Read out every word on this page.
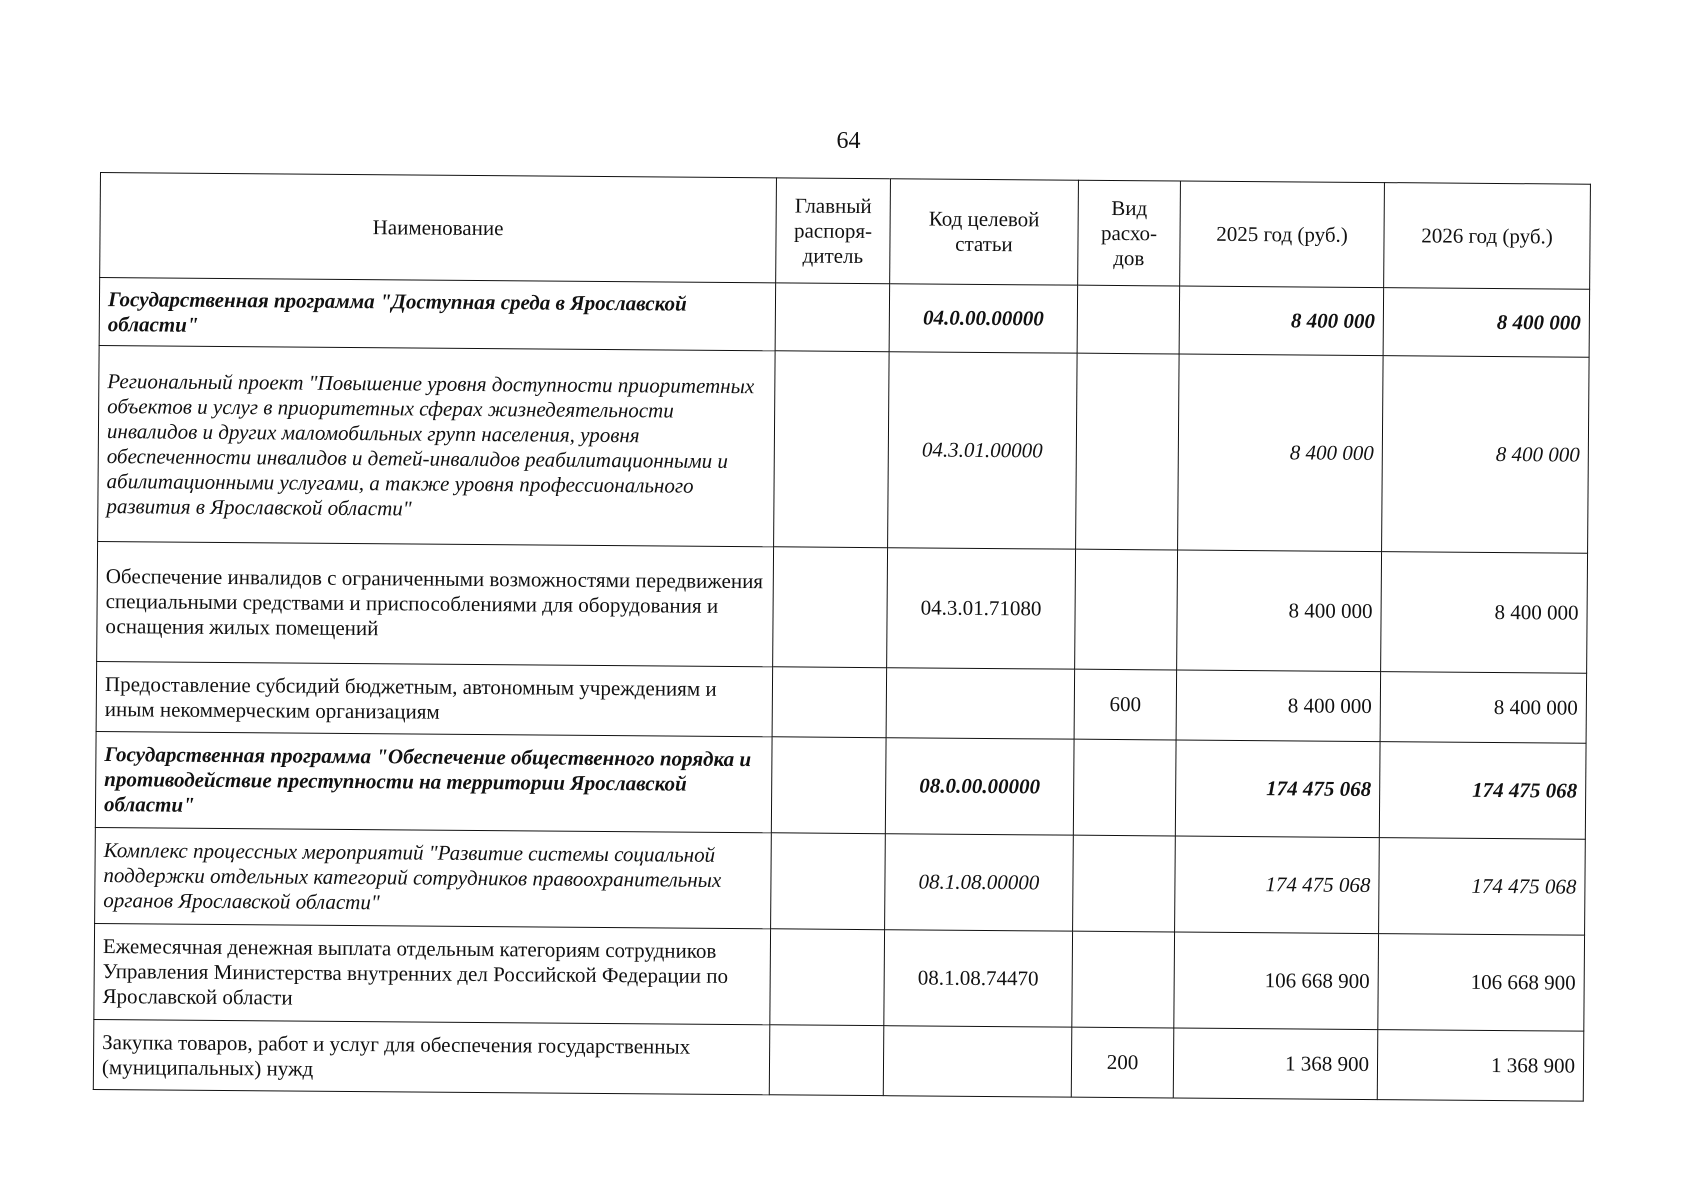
64
Наименование	Главный распоря-дитель	Код целевой статьи	Вид расхо-дов	2025 год (руб.)	2026 год (руб.)
Государственная программа "Доступная среда в Ярославской области"		04.0.00.00000		8 400 000	8 400 000
Региональный проект "Повышение уровня доступности приоритетных объектов и услуг в приоритетных сферах жизнедеятельности инвалидов и других маломобильных групп населения, уровня обеспеченности инвалидов и детей-инвалидов реабилитационными и абилитационными услугами, а также уровня профессионального развития в Ярославской области"		04.3.01.00000		8 400 000	8 400 000
Обеспечение инвалидов с ограниченными возможностями передвижения специальными средствами и приспособлениями для оборудования и оснащения жилых помещений		04.3.01.71080		8 400 000	8 400 000
Предоставление субсидий бюджетным, автономным учреждениям и иным некоммерческим организациям			600	8 400 000	8 400 000
Государственная программа "Обеспечение общественного порядка и противодействие преступности на территории Ярославской области"		08.0.00.00000		174 475 068	174 475 068
Комплекс процессных мероприятий "Развитие системы социальной поддержки отдельных категорий сотрудников правоохранительных органов Ярославской области"		08.1.08.00000		174 475 068	174 475 068
Ежемесячная денежная выплата отдельным категориям сотрудников Управления Министерства внутренних дел Российской Федерации по Ярославской области		08.1.08.74470		106 668 900	106 668 900
Закупка товаров, работ и услуг для обеспечения государственных (муниципальных) нужд			200	1 368 900	1 368 900
